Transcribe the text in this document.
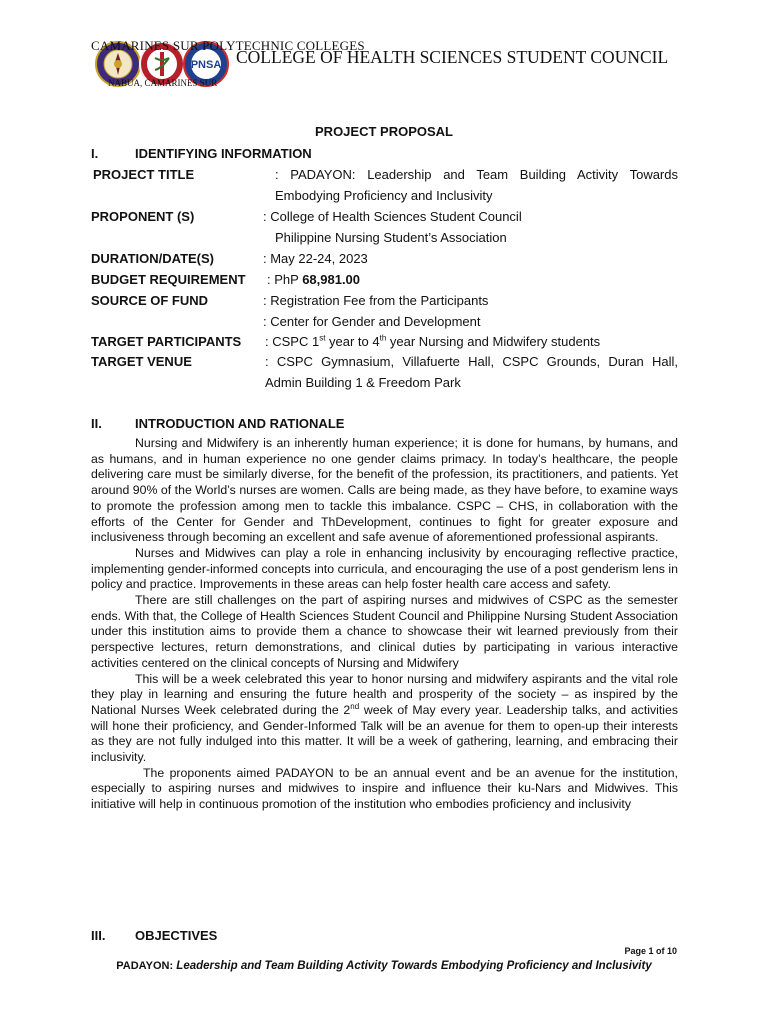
PNSA
CAMARINES SUR POLYTECHNIC COLLEGES
COLLEGE OF HEALTH SCIENCES STUDENT COUNCIL
NABUA, CAMARINES SUR
PROJECT PROPOSAL
I.	IDENTIFYING INFORMATION
PROJECT TITLE	: PADAYON: Leadership and Team Building Activity Towards
Embodying Proficiency and Inclusivity
PROPONENT (S)	: College of Health Sciences Student Council
Philippine Nursing Student’s Association
DURATION/DATE(S)	: May 22-24, 2023
BUDGET REQUIREMENT : PhP 68,981.00
SOURCE OF FUND	: Registration Fee from the Participants
: Center for Gender and Development
TARGET PARTICIPANTS : CSPC 1st year to 4th year Nursing and Midwifery students
TARGET VENUE	: CSPC Gymnasium, Villafuerte Hall, CSPC Grounds, Duran Hall,
Admin Building 1 & Freedom Park
II.	INTRODUCTION AND RATIONALE

Nursing and Midwifery is an inherently human experience; it is done for humans, by humans, and as humans, and in human experience no one gender claims primacy. In today’s healthcare, the people delivering care must be similarly diverse, for the benefit of the profession, its practitioners, and patients. Yet around 90% of the World’s nurses are women. Calls are being made, as they have before, to examine ways to promote the profession among men to tackle this imbalance. CSPC – CHS, in collaboration with the efforts of the Center for Gender and ThDevelopment, continues to fight for greater exposure and inclusiveness through becoming an excellent and safe avenue of aforementioned professional aspirants.

Nurses and Midwives can play a role in enhancing inclusivity by encouraging reflective practice, implementing gender-informed concepts into curricula, and encouraging the use of a post genderism lens in policy and practice. Improvements in these areas can help foster health care access and safety.

There are still challenges on the part of aspiring nurses and midwives of CSPC as the semester ends. With that, the College of Health Sciences Student Council and Philippine Nursing Student Association under this institution aims to provide them a chance to showcase their wit learned previously from their perspective lectures, return demonstrations, and clinical duties by participating in various interactive activities centered on the clinical concepts of Nursing and Midwifery

This will be a week celebrated this year to honor nursing and midwifery aspirants and the vital role they play in learning and ensuring the future health and prosperity of the society – as inspired by the National Nurses Week celebrated during the 2nd week of May every year. Leadership talks, and activities will hone their proficiency, and Gender-Informed Talk will be an avenue for them to open-up their interests as they are not fully indulged into this matter. It will be a week of gathering, learning, and embracing their inclusivity.

The proponents aimed PADAYON to be an annual event and be an avenue for the institution, especially to aspiring nurses and midwives to inspire and influence their ku-Nars and Midwives. This initiative will help in continuous promotion of the institution who embodies proficiency and inclusivity

III. OBJECTIVES
Page 1 of 10
PADAYON: Leadership and Team Building Activity Towards Embodying Proficiency and Inclusivity
